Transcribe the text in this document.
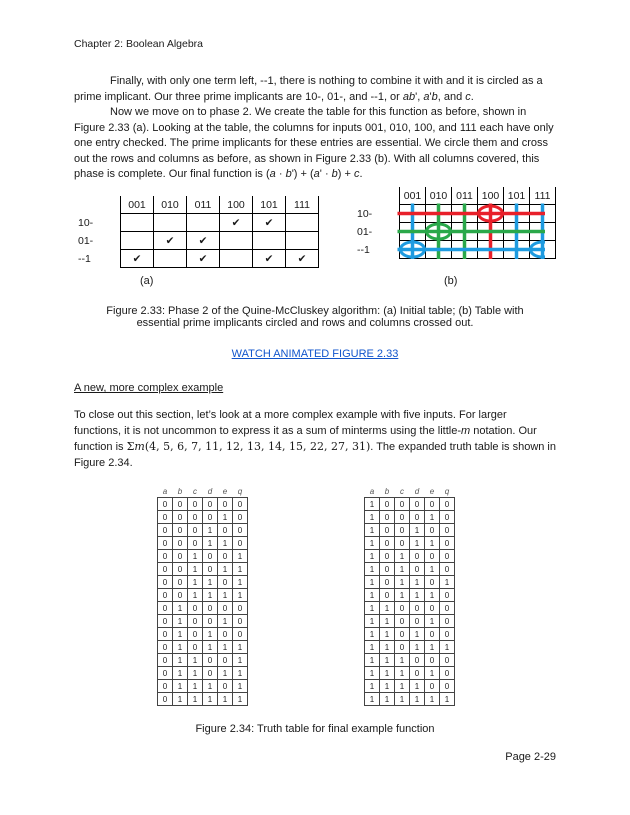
Chapter 2: Boolean Algebra
Finally, with only one term left, --1, there is nothing to combine it with and it is circled as a prime implicant. Our three prime implicants are 10-, 01-, and --1, or ab', a'b, and c.
Now we move on to phase 2. We create the table for this function as before, shown in Figure 2.33 (a). Looking at the table, the columns for inputs 001, 010, 100, and 111 each have only one entry checked. The prime implicants for these entries are essential. We circle them and cross out the rows and columns as before, as shown in Figure 2.33 (b). With all columns covered, this phase is complete. Our final function is (a · b') + (a' · b) + c.
	001	010	011	100	101	111
10-				✔	✔	
01-		✔	✔			
--1	✔		✔		✔	✔
	001	010	011	100	101	111
10-						
01-						
--1						
(a)	(b)
Figure 2.33: Phase 2 of the Quine-McCluskey algorithm: (a) Initial table; (b) Table with
essential prime implicants circled and rows and columns crossed out.
WATCH ANIMATED FIGURE 2.33
A new, more complex example
To close out this section, let’s look at a more complex example with five inputs. For larger functions, it is not uncommon to express it as a sum of minterms using the little-m notation. Our function is Σm(4, 5, 6, 7, 11, 12, 13, 14, 15, 22, 27, 31). The expanded truth table is shown in Figure 2.34.
a	b	c	d	e	q
0	0	0	0	0	0
0	0	0	0	1	0
0	0	0	1	0	0
0	0	0	1	1	0
0	0	1	0	0	1
0	0	1	0	1	1
0	0	1	1	0	1
0	0	1	1	1	1
0	1	0	0	0	0
0	1	0	0	1	0
0	1	0	1	0	0
0	1	0	1	1	1
0	1	1	0	0	1
0	1	1	0	1	1
0	1	1	1	0	1
0	1	1	1	1	1
a	b	c	d	e	q
1	0	0	0	0	0
1	0	0	0	1	0
1	0	0	1	0	0
1	0	0	1	1	0
1	0	1	0	0	0
1	0	1	0	1	0
1	0	1	1	0	1
1	0	1	1	1	0
1	1	0	0	0	0
1	1	0	0	1	0
1	1	0	1	0	0
1	1	0	1	1	1
1	1	1	0	0	0
1	1	1	0	1	0
1	1	1	1	0	0
1	1	1	1	1	1
Figure 2.34: Truth table for final example function
Page 2-29
